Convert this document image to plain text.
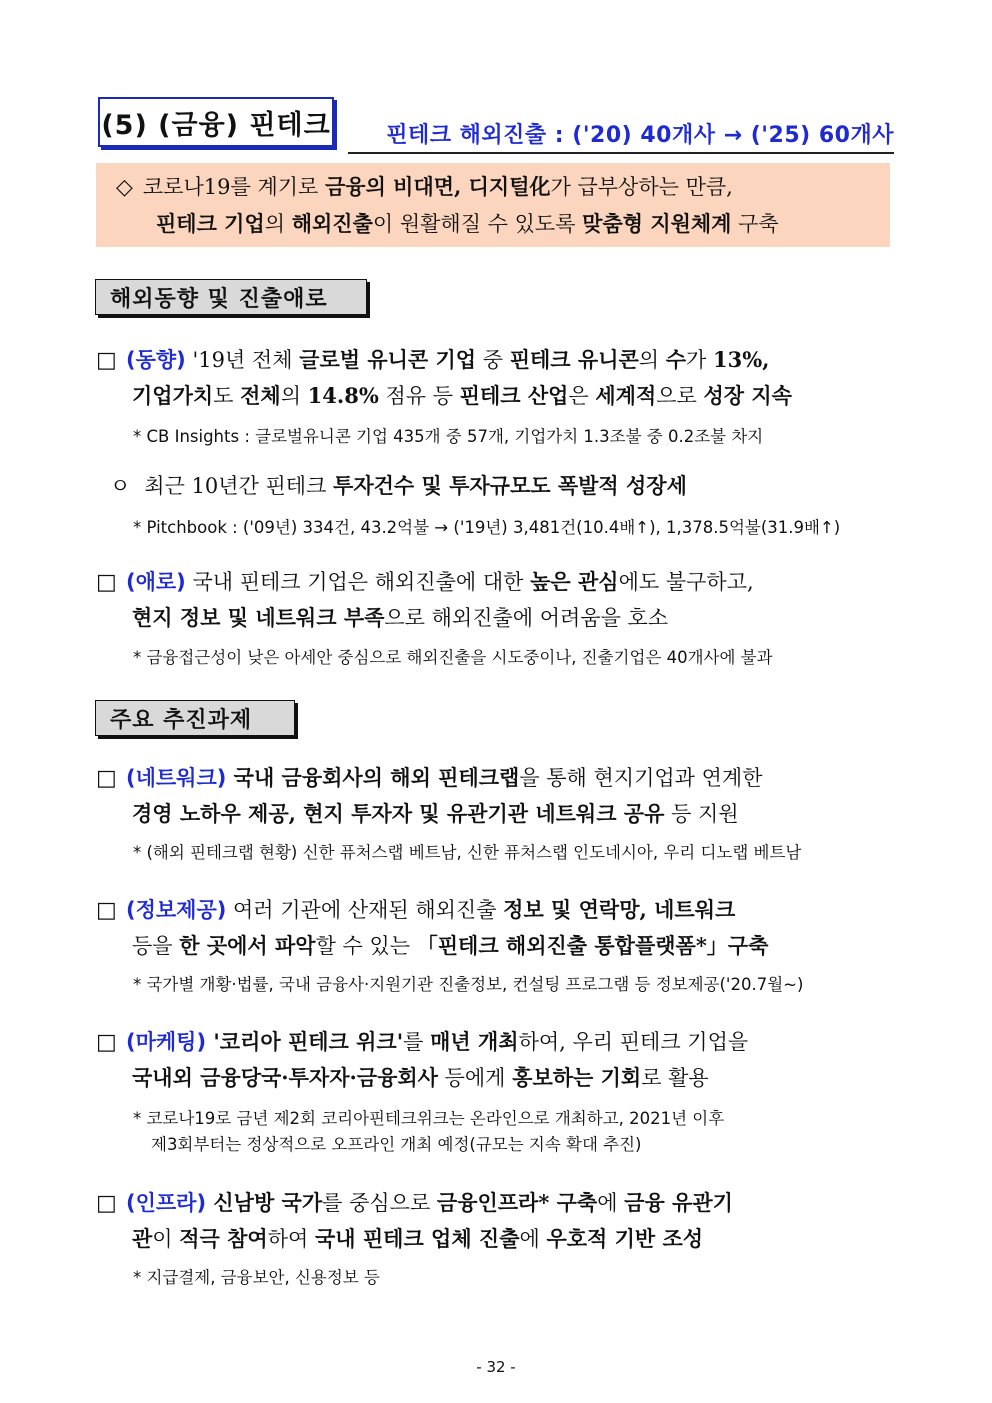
(5) (금융) 핀테크	핀테크 해외진출 : ('20) 40개사 → ('25) 60개사
◇ 코로나19를 계기로 금융의 비대면, 디지털化가 급부상하는 만큼,
핀테크 기업의 해외진출이 원활해질 수 있도록 맞춤형 지원체계 구축
해외동향 및 진출애로
□ (동향) '19년 전체 글로벌 유니콘 기업 중 핀테크 유니콘의 수가 13%,
기업가치도 전체의 14.8% 점유 등 핀테크 산업은 세계적으로 성장 지속
* CB Insights : 글로벌유니콘 기업 435개 중 57개, 기업가치 1.3조불 중 0.2조불 차지
ㅇ 최근 10년간 핀테크 투자건수 및 투자규모도 폭발적 성장세
* Pitchbook : ('09년) 334건, 43.2억불 → ('19년) 3,481건(10.4배↑), 1,378.5억불(31.9배↑)
□ (애로) 국내 핀테크 기업은 해외진출에 대한 높은 관심에도 불구하고,
현지 정보 및 네트워크 부족으로 해외진출에 어려움을 호소
* 금융접근성이 낮은 아세안 중심으로 해외진출을 시도중이나, 진출기업은 40개사에 불과
주요 추진과제
□ (네트워크) 국내 금융회사의 해외 핀테크랩을 통해 현지기업과 연계한
경영 노하우 제공, 현지 투자자 및 유관기관 네트워크 공유 등 지원
* (해외 핀테크랩 현황) 신한 퓨처스랩 베트남, 신한 퓨처스랩 인도네시아, 우리 디노랩 베트남
□ (정보제공) 여러 기관에 산재된 해외진출 정보 및 연락망, 네트워크
등을 한 곳에서 파악할 수 있는 「핀테크 해외진출 통합플랫폼*」구축
* 국가별 개황·법률, 국내 금융사·지원기관 진출정보, 컨설팅 프로그램 등 정보제공('20.7월~)
□ (마케팅) '코리아 핀테크 위크'를 매년 개최하여, 우리 핀테크 기업을
국내외 금융당국·투자자·금융회사 등에게 홍보하는 기회로 활용
* 코로나19로 금년 제2회 코리아핀테크위크는 온라인으로 개최하고, 2021년 이후
제3회부터는 정상적으로 오프라인 개최 예정(규모는 지속 확대 추진)
□ (인프라) 신남방 국가를 중심으로 금융인프라* 구축에 금융 유관기
관이 적극 참여하여 국내 핀테크 업체 진출에 우호적 기반 조성
* 지급결제, 금융보안, 신용정보 등
- 32 -
